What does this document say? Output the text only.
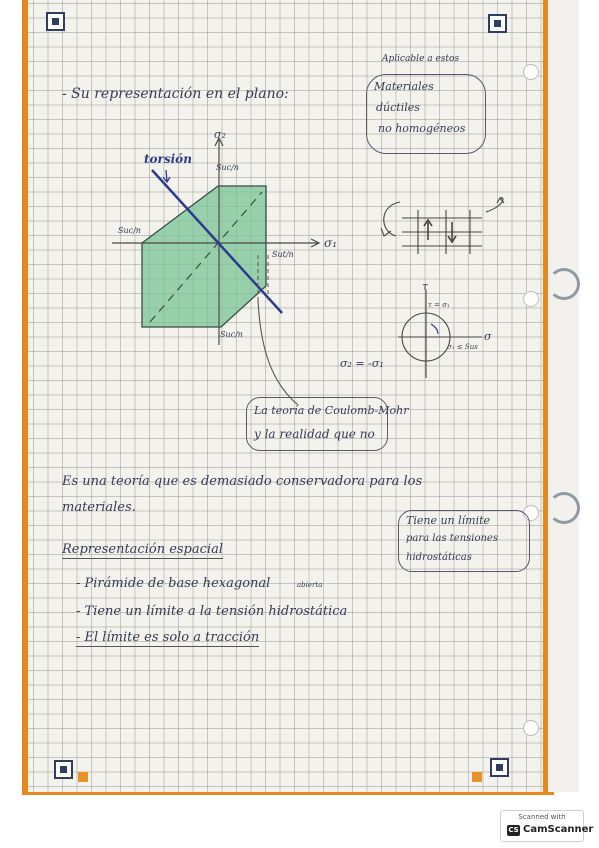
- Su representación en el plano:
Aplicable a estos
Materiales
dúctiles
no homogéneos
σ₂
σ₁
torsión
Suc/n
Suc/n
Sut/n
Suc/n
τ
σ
τ = σ₁
σ₁ ≤ Sus
σ₂ = -σ₁
La teoría de Coulomb-Mohr
y la realidad que no
Es una teoría que es demasiado conservadora para los
materiales.
Tiene un límite
para las tensiones
hidrostáticas
Representación espacial
- Pirámide de base hexagonal	abierta
- Tiene un límite a la tensión hidrostática
- El límite es solo a tracción
Scanned with
CS CamScanner
